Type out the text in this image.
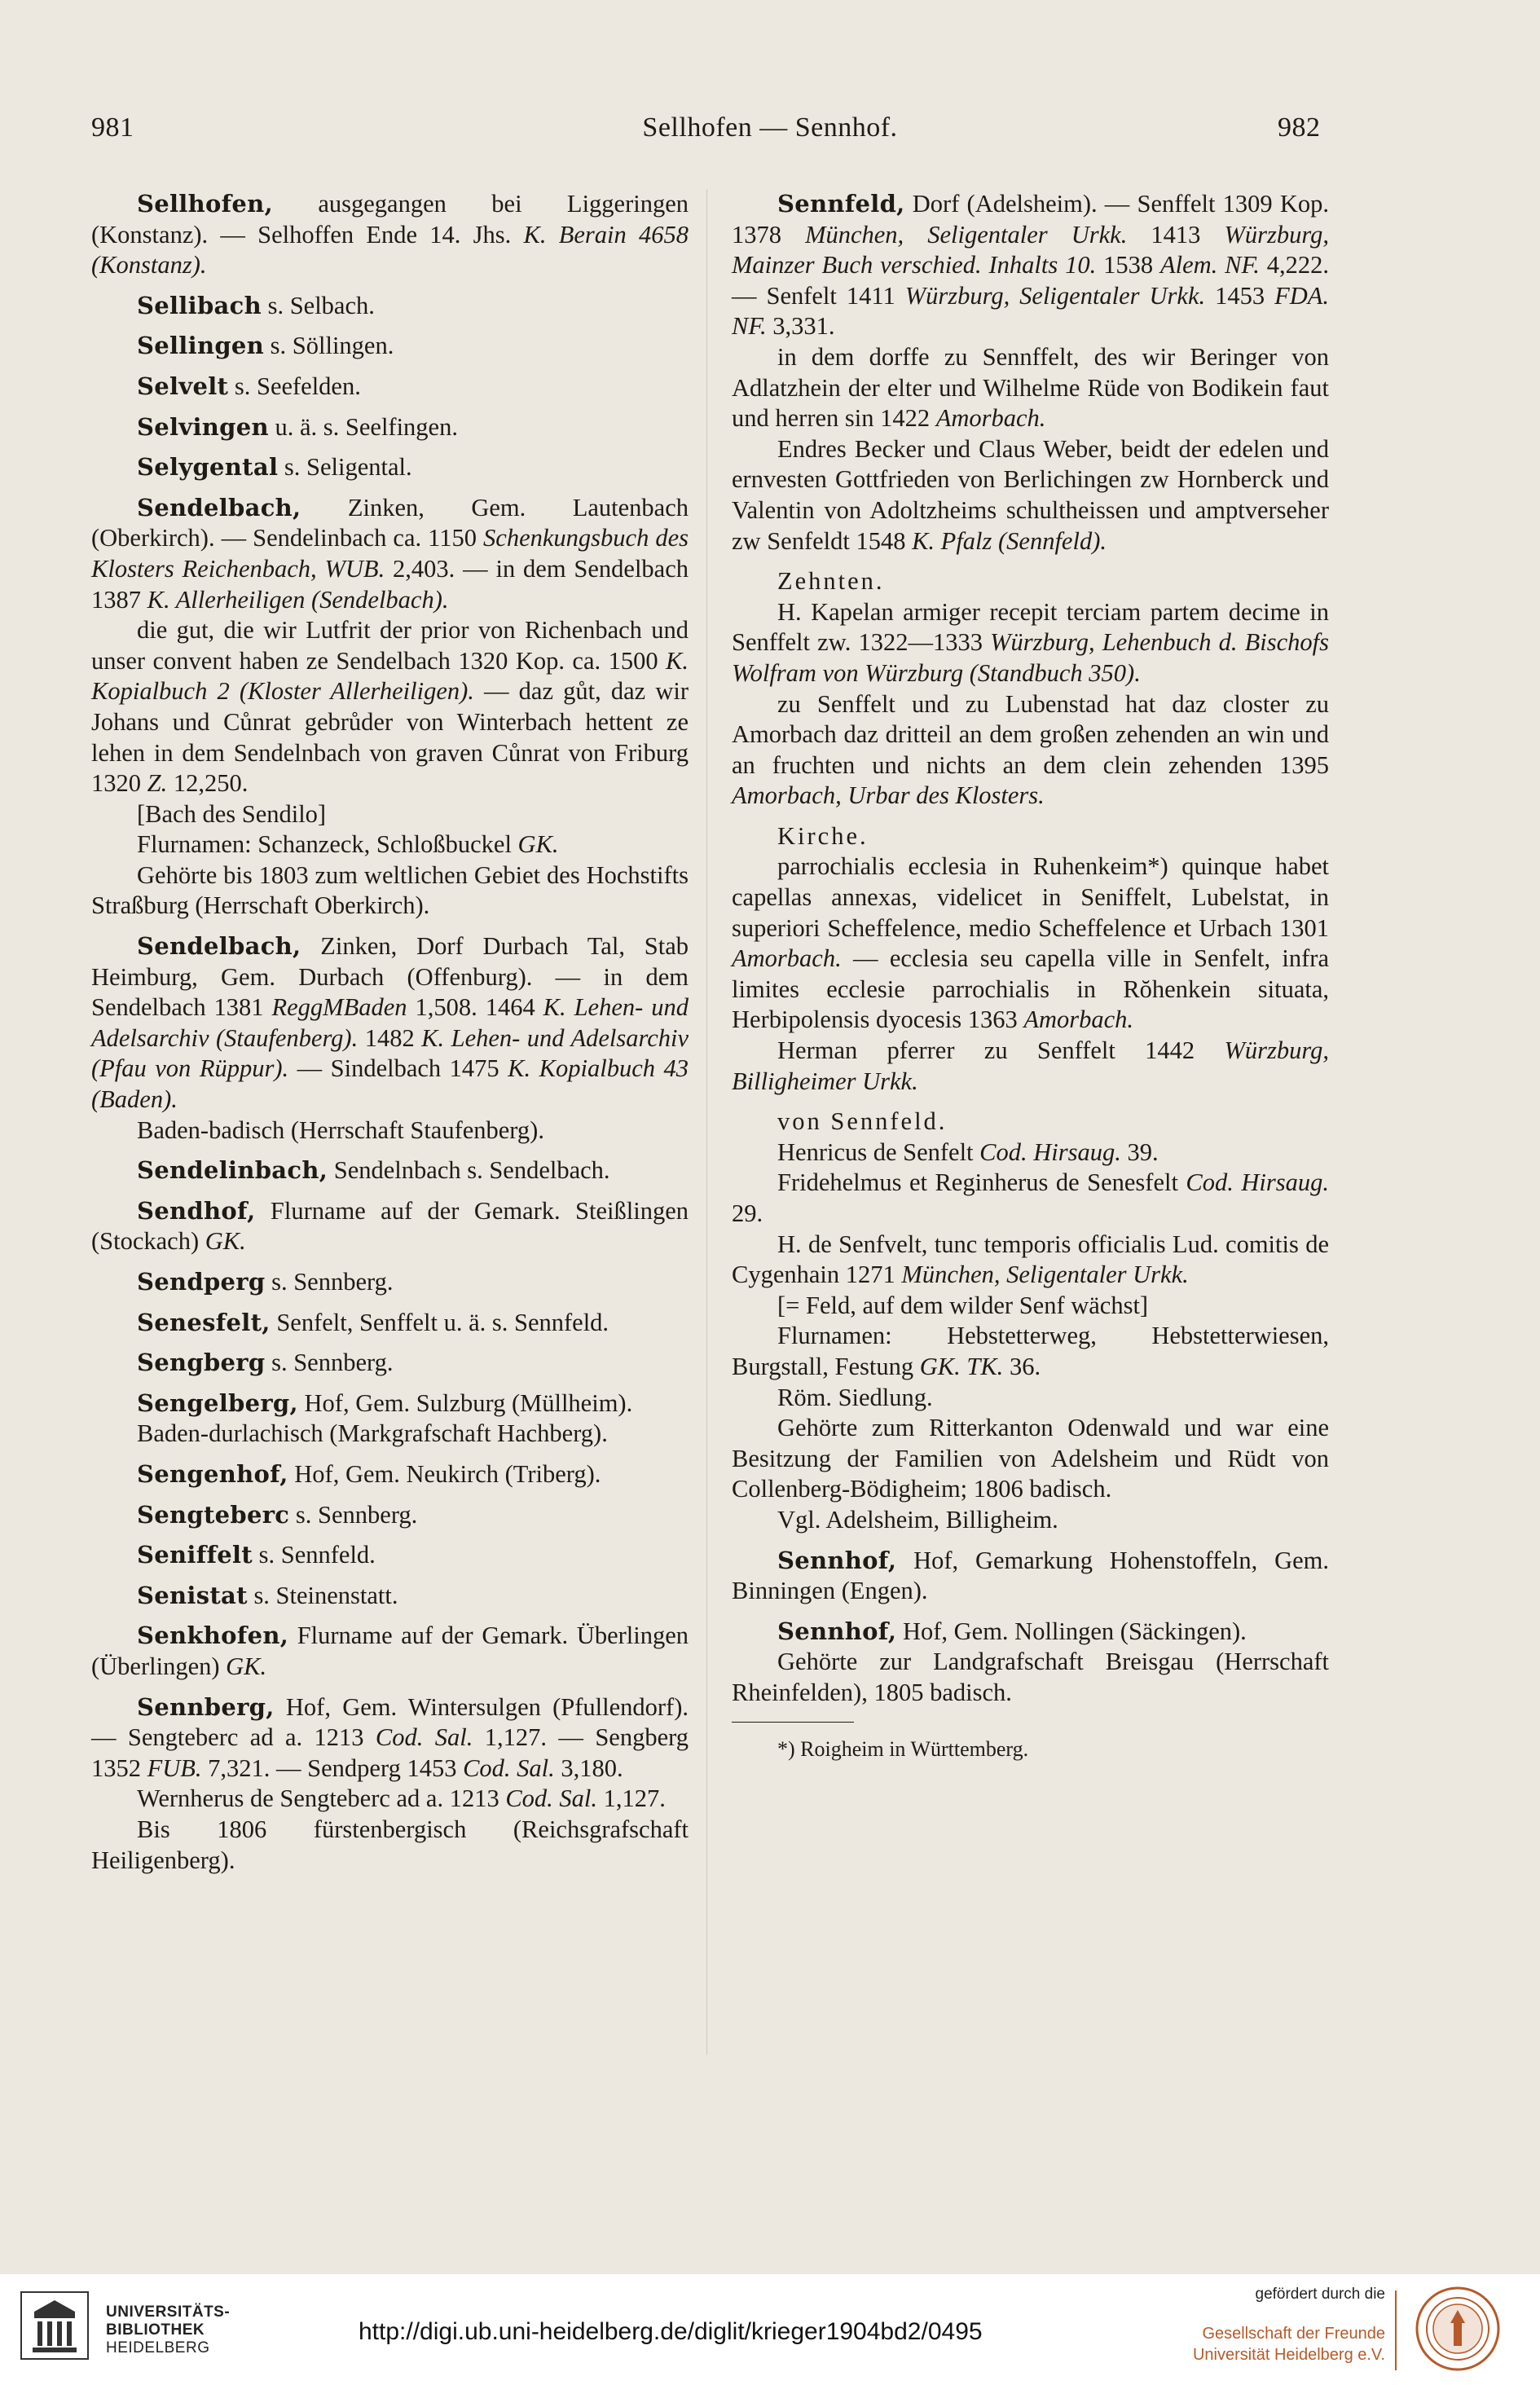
981	Sellhofen — Sennhof.	982

Sellhofen, ausgegangen bei Liggeringen (Konstanz). — Selhoffen Ende 14. Jhs. K. Berain 4658 (Konstanz).

Sellibach s. Selbach.

Sellingen s. Söllingen.

Selvelt s. Seefelden.

Selvingen u. ä. s. Seelfingen.

Selygental s. Seligental.

Sendelbach, Zinken, Gem. Lautenbach (Oberkirch). — Sendelinbach ca. 1150 Schenkungsbuch des Klosters Reichenbach, WUB. 2,403. — in dem Sendelbach 1387 K. Allerheiligen (Sendelbach).

die gut, die wir Lutfrit der prior von Richenbach und unser convent haben ze Sendelbach 1320 Kop. ca. 1500 K. Kopialbuch 2 (Kloster Allerheiligen). — daz gůt, daz wir Johans und Cůnrat gebrůder von Winterbach hettent ze lehen in dem Sendelnbach von graven Cůnrat von Friburg 1320 Z. 12,250.

[Bach des Sendilo]

Flurnamen: Schanzeck, Schloßbuckel GK.

Gehörte bis 1803 zum weltlichen Gebiet des Hochstifts Straßburg (Herrschaft Oberkirch).

Sendelbach, Zinken, Dorf Durbach Tal, Stab Heimburg, Gem. Durbach (Offenburg). — in dem Sendelbach 1381 ReggMBaden 1,508. 1464 K. Lehen- und Adelsarchiv (Staufenberg). 1482 K. Lehen- und Adelsarchiv (Pfau von Rüppur). — Sindelbach 1475 K. Kopialbuch 43 (Baden).

Baden-badisch (Herrschaft Staufenberg).

Sendelinbach, Sendelnbach s. Sendelbach.

Sendhof, Flurname auf der Gemark. Steißlingen (Stockach) GK.

Sendperg s. Sennberg.

Senesfelt, Senfelt, Senffelt u. ä. s. Sennfeld.

Sengberg s. Sennberg.

Sengelberg, Hof, Gem. Sulzburg (Müllheim).

Baden-durlachisch (Markgrafschaft Hachberg).

Sengenhof, Hof, Gem. Neukirch (Triberg).

Sengteberc s. Sennberg.

Seniffelt s. Sennfeld.

Senistat s. Steinenstatt.

Senkhofen, Flurname auf der Gemark. Überlingen (Überlingen) GK.

Sennberg, Hof, Gem. Wintersulgen (Pfullendorf). — Sengteberc ad a. 1213 Cod. Sal. 1,127. — Sengberg 1352 FUB. 7,321. — Sendperg 1453 Cod. Sal. 3,180.

Wernherus de Sengteberc ad a. 1213 Cod. Sal. 1,127.

Bis 1806 fürstenbergisch (Reichsgrafschaft Heiligenberg).

Sennfeld, Dorf (Adelsheim). — Senffelt 1309 Kop. 1378 München, Seligentaler Urkk. 1413 Würzburg, Mainzer Buch verschied. Inhalts 10. 1538 Alem. NF. 4,222. — Senfelt 1411 Würzburg, Seligentaler Urkk. 1453 FDA. NF. 3,331.

in dem dorffe zu Sennffelt, des wir Beringer von Adlatzhein der elter und Wilhelme Rüde von Bodikein faut und herren sin 1422 Amorbach.

Endres Becker und Claus Weber, beidt der edelen und ernvesten Gottfrieden von Berlichingen zw Hornberck und Valentin von Adoltzheims schultheissen und amptverseher zw Senfeldt 1548 K. Pfalz (Sennfeld).

Zehnten.

H. Kapelan armiger recepit terciam partem decime in Senffelt zw. 1322—1333 Würzburg, Lehenbuch d. Bischofs Wolfram von Würzburg (Standbuch 350).

zu Senffelt und zu Lubenstad hat daz closter zu Amorbach daz dritteil an dem großen zehenden an win und an fruchten und nichts an dem clein zehenden 1395 Amorbach, Urbar des Klosters.

Kirche.

parrochialis ecclesia in Ruhenkeim*) quinque habet capellas annexas, videlicet in Seniffelt, Lubelstat, in superiori Scheffelence, medio Scheffelence et Urbach 1301 Amorbach. — ecclesia seu capella ville in Senfelt, infra limites ecclesie parrochialis in Rŏhenkein situata, Herbipolensis dyocesis 1363 Amorbach.

Herman pferrer zu Senffelt 1442 Würzburg, Billigheimer Urkk.

von Sennfeld.

Henricus de Senfelt Cod. Hirsaug. 39.

Fridehelmus et Reginherus de Senesfelt Cod. Hirsaug. 29.

H. de Senfvelt, tunc temporis officialis Lud. comitis de Cygenhain 1271 München, Seligentaler Urkk.

[= Feld, auf dem wilder Senf wächst]

Flurnamen: Hebstetterweg, Hebstetterwiesen, Burgstall, Festung GK. TK. 36.

Röm. Siedlung.

Gehörte zum Ritterkanton Odenwald und war eine Besitzung der Familien von Adelsheim und Rüdt von Collenberg-Bödigheim; 1806 badisch.

Vgl. Adelsheim, Billigheim.

Sennhof, Hof, Gemarkung Hohenstoffeln, Gem. Binningen (Engen).

Sennhof, Hof, Gem. Nollingen (Säckingen).

Gehörte zur Landgrafschaft Breisgau (Herrschaft Rheinfelden), 1805 badisch.

*) Roigheim in Württemberg.

UNIVERSITÄTS-
BIBLIOTHEK
HEIDELBERG
http://digi.ub.uni-heidelberg.de/diglit/krieger1904bd2/0495
gefördert durch die
Gesellschaft der Freunde
Universität Heidelberg e.V.
